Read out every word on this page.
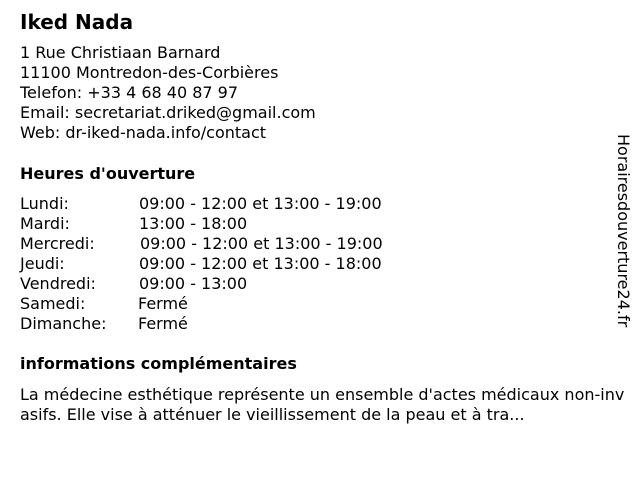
Iked Nada
1 Rue Christiaan Barnard
11100 Montredon-des-Corbières
Telefon: +33 4 68 40 87 97
Email: secretariat.driked@gmail.com
Web: dr-iked-nada.info/contact
Heures d'ouverture
Lundi:	09:00 - 12:00 et 13:00 - 19:00
Mardi:	13:00 - 18:00
Mercredi:	09:00 - 12:00 et 13:00 - 19:00
Jeudi:	09:00 - 12:00 et 13:00 - 18:00
Vendredi:	09:00 - 13:00
Samedi:	Fermé
Dimanche: Fermé
informations complémentaires
La médecine esthétique représente un ensemble d'actes médicaux non-invasifs. Elle vise à atténuer le vieillissement de la peau et à tra...
Horairesdouverture24.fr
